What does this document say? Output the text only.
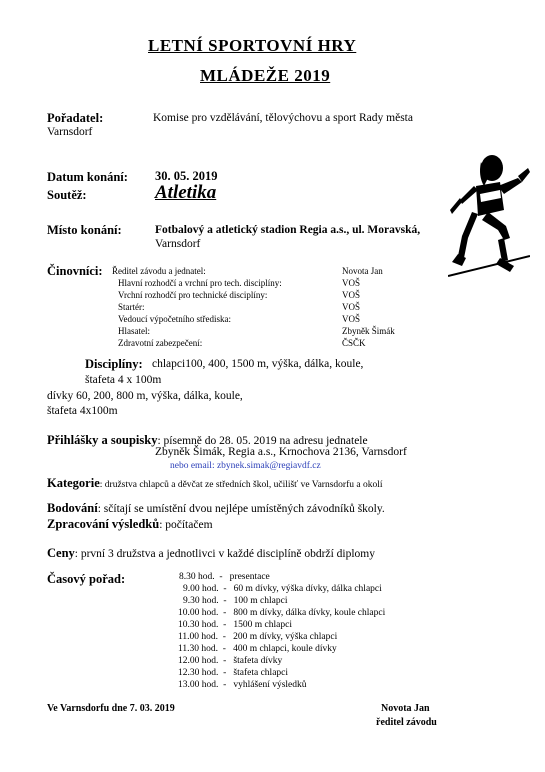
LETNÍ SPORTOVNÍ HRY
MLÁDEŽE 2019
Pořadatel:	Komise pro vzdělávání, tělovýchovu a sport Rady města
Varnsdorf
Datum konání: 30. 05. 2019
Soutěž:	Atletika
Místo konání:	Fotbalový a atletický stadion Regia a.s., ul. Moravská,
Varnsdorf
Činovníci: Ředitel závodu a jednatel:	Novota Jan
Hlavní rozhodčí a vrchní pro tech. disciplíny:	VOŠ
Vrchní rozhodčí pro technické disciplíny:	VOŠ
Startér:	VOŠ
Vedoucí výpočetního střediska:	VOŠ
Hlasatel:	Zbyněk Šimák
Zdravotní zabezpečení:	ČSČK
Disciplíny: chlapci100, 400, 1500 m, výška, dálka, koule,
štafeta 4 x 100m
dívky 60, 200, 800 m, výška, dálka, koule,
štafeta 4x100m
Přihlášky a soupisky: písemně do 28. 05. 2019 na adresu jednatele
Zbyněk Šimák, Regia a.s., Krnochova 2136, Varnsdorf
nebo email: zbynek.simak@regiavdf.cz
Kategorie: družstva chlapců a děvčat ze středních škol, učilišť ve Varnsdorfu a okolí
Bodování: sčítají se umístění dvou nejlépe umístěných závodníků školy.
Zpracování výsledků: počítačem
Ceny: první 3 družstva a jednotlivci v každé disciplíně obdrží diplomy
Časový pořad:	8.30 hod. - presentace
9.00 hod. - 60 m dívky, výška dívky, dálka chlapci
9.30 hod. - 100 m chlapci
10.00 hod. - 800 m dívky, dálka dívky, koule chlapci
10.30 hod. - 1500 m chlapci
11.00 hod. - 200 m dívky, výška chlapci
11.30 hod. - 400 m chlapci, koule dívky
12.00 hod. - štafeta dívky
12.30 hod. - štafeta chlapci
13.00 hod. - vyhlášení výsledků
Ve Varnsdorfu dne 7. 03. 2019	Novota Jan
ředitel závodu
